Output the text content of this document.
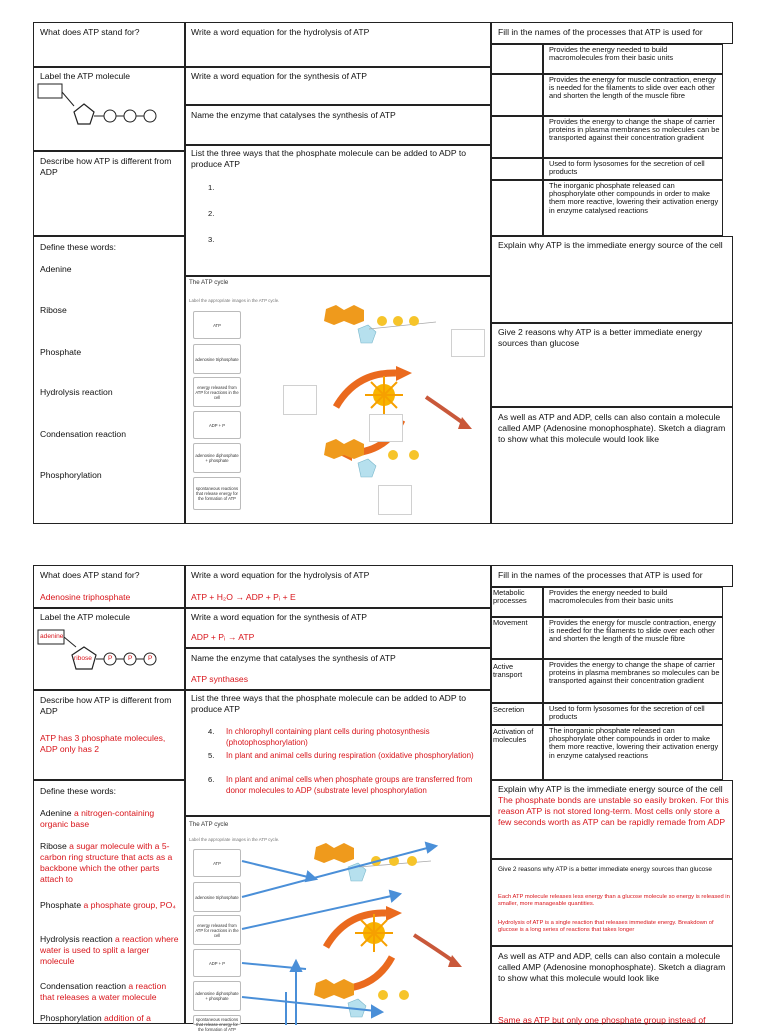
What does ATP stand for?
Label the ATP molecule
Describe how ATP is different from ADP
Define these words:
Adenine
Ribose
Phosphate
Hydrolysis reaction
Condensation reaction
Phosphorylation
Write a word equation for the hydrolysis of ATP
Write a word equation for the synthesis of ATP
Name the enzyme that catalyses the synthesis of ATP
List the three ways that the phosphate molecule can be added to ADP to produce ATP
1.
2.
3.
The ATP cycle
Label the appropriate images in the ATP cycle.
ATP
adenosine triphosphate
energy released from ATP for reactions in the cell
ADP + P
adenosine diphosphate + phosphate
spontaneous reactions that release energy for the formation of ATP
Fill in the names of the processes that ATP is used for
Provides the energy needed to build macromolecules from their basic units
Provides the energy for muscle contraction, energy is needed for the filaments to slide over each other and shorten the length of the muscle fibre
Provides the energy to change the shape of carrier proteins in plasma membranes so molecules can be transported against their concentration gradient
Used to form lysosomes for the secretion of cell products
The inorganic phosphate released can phosphorylate other compounds in order to make them more reactive, lowering their activation energy in enzyme catalysed reactions
Explain why ATP is the immediate energy source of the cell
Give 2 reasons why ATP is a better immediate energy sources than glucose
As well as ATP and ADP, cells can also contain a molecule called AMP (Adenosine monophosphate). Sketch a diagram to show what this molecule would look like
What does ATP stand for?
Adenosine triphosphate
Label the ATP molecule
adenine
ribose P P P
Describe how ATP is different from ADP
ATP has 3 phosphate molecules, ADP only has 2
Define these words:
Adenine a nitrogen-containing organic base
Ribose a sugar molecule with a 5-carbon ring structure that acts as a backbone which the other parts attach to
Phosphate a phosphate group, PO₄
Hydrolysis reaction a reaction where water is used to split a larger molecule
Condensation reaction a reaction that releases a water molecule
Phosphorylation addition of a
Write a word equation for the hydrolysis of ATP
ATP + H₂O → ADP + Pᵢ + E
Write a word equation for the synthesis of ATP
ADP + Pᵢ → ATP
Name the enzyme that catalyses the synthesis of ATP
ATP synthases
List the three ways that the phosphate molecule can be added to ADP to produce ATP
4. In chlorophyll containing plant cells during photosynthesis (photophosphorylation)
5. In plant and animal cells during respiration (oxidative phosphorylation)
6. In plant and animal cells when phosphate groups are transferred from donor molecules to ADP (substrate level phosphorylation
The ATP cycle
Label the appropriate images in the ATP cycle.
ATP
adenosine triphosphate
energy released from ATP for reactions in the cell
ADP + P
adenosine diphosphate + phosphate
spontaneous reactions that release energy for the formation of ATP
Fill in the names of the processes that ATP is used for
Metabolic processes
Provides the energy needed to build macromolecules from their basic units
Movement	Provides the energy for muscle contraction, energy is needed for the filaments to slide over each other and shorten the length of the muscle fibre
Active transport
Provides the energy to change the shape of carrier proteins in plasma membranes so molecules can be transported against their concentration gradient
Secretion	Used to form lysosomes for the secretion of cell products
Activation of molecules
The inorganic phosphate released can phosphorylate other compounds in order to make them more reactive, lowering their activation energy in enzyme catalysed reactions
Explain why ATP is the immediate energy source of the cell The phosphate bonds are unstable so easily broken. For this reason ATP is not stored long-term. Most cells only store a few seconds worth as ATP can be rapidly remade from ADP
Give 2 reasons why ATP is a better immediate energy sources than glucose
Each ATP molecule releases less energy than a glucose molecule so energy is released in smaller, more manageable quantities.
Hydrolysis of ATP is a single reaction that releases immediate energy. Breakdown of glucose is a long series of reactions that takes longer
As well as ATP and ADP, cells can also contain a molecule called AMP (Adenosine monophosphate). Sketch a diagram to show what this molecule would look like
Same as ATP but only one phosphate group instead of
